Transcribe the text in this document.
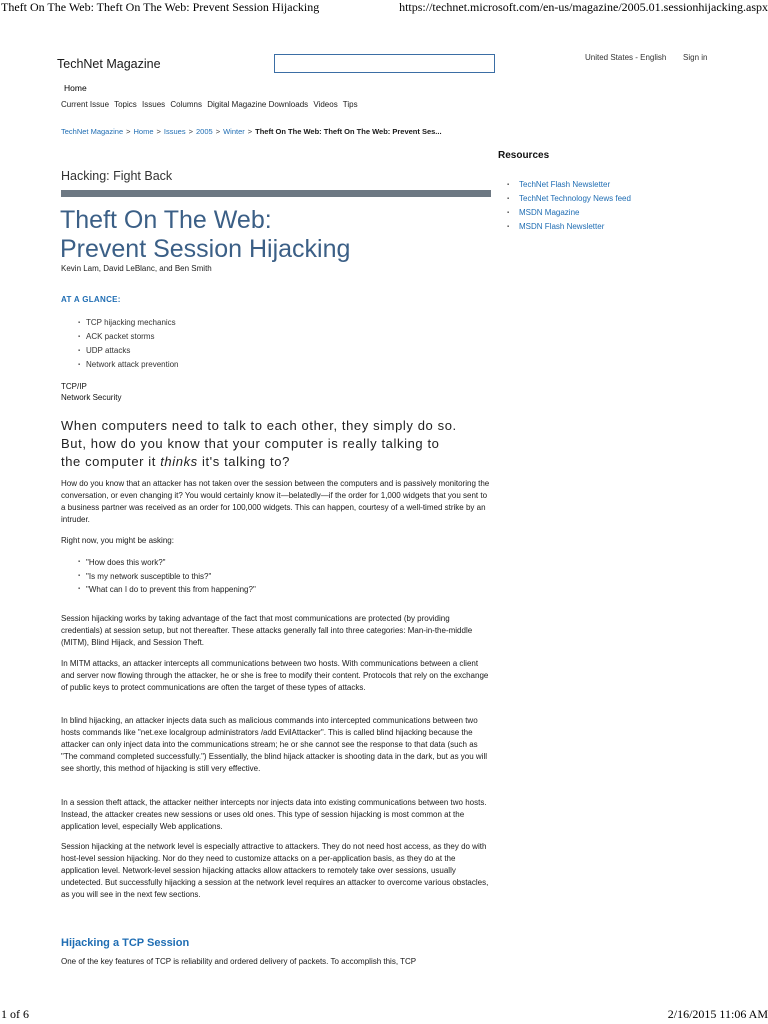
Theft On The Web: Theft On The Web: Prevent Session Hijacking	https://technet.microsoft.com/en-us/magazine/2005.01.sessionhijacking.aspx
TechNet Magazine	United States - English Sign in
Home
Current Issue Topics Issues Columns Digital Magazine Downloads Videos Tips
TechNet Magazine > Home > Issues > 2005 > Winter > Theft On The Web: Theft On The Web: Prevent Ses...
Hacking: Fight Back
Theft On The Web:
Prevent Session Hijacking
Kevin Lam, David LeBlanc, and Ben Smith
AT A GLANCE:
▪ TCP hijacking mechanics
▪ ACK packet storms
▪ UDP attacks
▪ Network attack prevention
TCP/IP
Network Security

When computers need to talk to each other, they simply do so. But, how do you know that your computer is really talking to the computer it thinks it's talking to?

How do you know that an attacker has not taken over the session between the computers and is passively monitoring the conversation, or even changing it? You would certainly know it—belatedly—if the order for 1,000 widgets that you sent to a business partner was received as an order for 100,000 widgets. This can happen, courtesy of a well-timed strike by an intruder.

Right now, you might be asking:

▪ "How does this work?"
▪ "Is my network susceptible to this?"
▪ "What can I do to prevent this from happening?"

Session hijacking works by taking advantage of the fact that most communications are protected (by providing credentials) at session setup, but not thereafter. These attacks generally fall into three categories: Man-in-the-middle (MITM), Blind Hijack, and Session Theft.

In MITM attacks, an attacker intercepts all communications between two hosts. With communications between a client and server now flowing through the attacker, he or she is free to modify their content. Protocols that rely on the exchange of public keys to protect communications are often the target of these types of attacks.

In blind hijacking, an attacker injects data such as malicious commands into intercepted communications between two hosts commands like "net.exe localgroup administrators /add EvilAttacker". This is called blind hijacking because the attacker can only inject data into the communications stream; he or she cannot see the response to that data (such as "The command completed successfully.") Essentially, the blind hijack attacker is shooting data in the dark, but as you will see shortly, this method of hijacking is still very effective.

In a session theft attack, the attacker neither intercepts nor injects data into existing communications between two hosts. Instead, the attacker creates new sessions or uses old ones. This type of session hijacking is most common at the application level, especially Web applications.

Session hijacking at the network level is especially attractive to attackers. They do not need host access, as they do with host-level session hijacking. Nor do they need to customize attacks on a per-application basis, as they do at the application level. Network-level session hijacking attacks allow attackers to remotely take over sessions, usually undetected. But successfully hijacking a session at the network level requires an attacker to overcome various obstacles, as you will see in the next few sections.

Hijacking a TCP Session

One of the key features of TCP is reliability and ordered delivery of packets. To accomplish this, TCP

Resources
▪ TechNet Flash Newsletter
▪ TechNet Technology News feed
▪ MSDN Magazine
▪ MSDN Flash Newsletter
1 of 6	2/16/2015 11:06 AM
